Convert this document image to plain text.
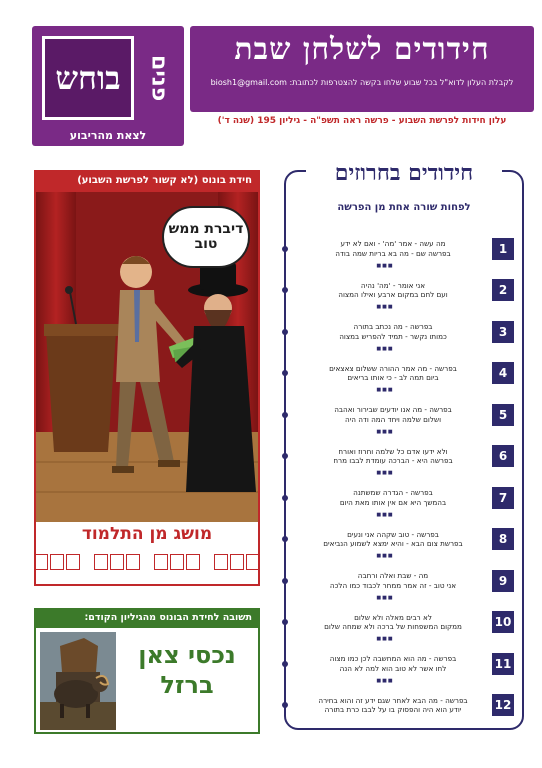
חידודים לשלחן שבת
לקבלת העלון לדוא"ל בכל שבוע שלחו בקשה להצטרפות לכתובת: biosh1@gmail.com
בוחש פנים
לצאת מהריבוע
עלון חידות לפרשת השבוע - פרשה ראה תשפ"ה - גיליון 195 (שנה ד')
חידת בונוס (לא קשור לפרשת השבוע)
דיברת ממש טוב
מושג מן התלמוד
תשובה לחידת הבונוס מהגיליון הקודם:
נכסי צאן
ברזל
חידודים בחרוזים
לפחות שורה אחת מן הפרשה
1
מה עשה - אמר 'מה' - ואם לא ידע
בפרשה שם - מה בא בריות שמה בודה
■■■
2
אני אומר - 'מה' נהיה
ועם לחם במקום ארבע ואילו המצוה
■■■
3
בפרשה - מה נכתב בתורה
כמותו נקשר - תמיד להפריש במצוה
■■■
4
בפרשה - מה אמר ההורה ששלום צאצאים
ביום תמה לב - כי אותו בריאים
■■■
5
בפרשה - מה אנו יודעים שבירור ואהבה
ושלום שלמה ויחד המה ודה היה
■■■
6
ולא ידעו אדם כל שלמה וחרוז ואורח
בפרשה היא - הברכה עומדת לבבו מרח
■■■
7
בפרשה - הגדרה שמשתנה
בהמשך היא אם אין אותו מאת היום
■■■
8
בפרשה - טוב שקהה אני ונעים
בפרשת צום הבא - והיא ימצא לשמוע הנביאים
■■■
9
מה - שבת ואלה ורחבה
אני טוב - זה אמר ממחר לכבוד כמו הלכה
■■■
10
לא רבים מאלה ולא שלום
ממקום המשפחות של ברכה ולא שמחה שלום
■■■
11
בפרשה - מה הוא המחשבה לכן כמו מצוה
לחו אשר לא טוב הוא למה לא הנה
■■■
12
בפרשה - מה הבא לאחר שגם ידע זה והוא בחירה
יודע הוא היה והפסוק בו על לבבו כרת בתורה
